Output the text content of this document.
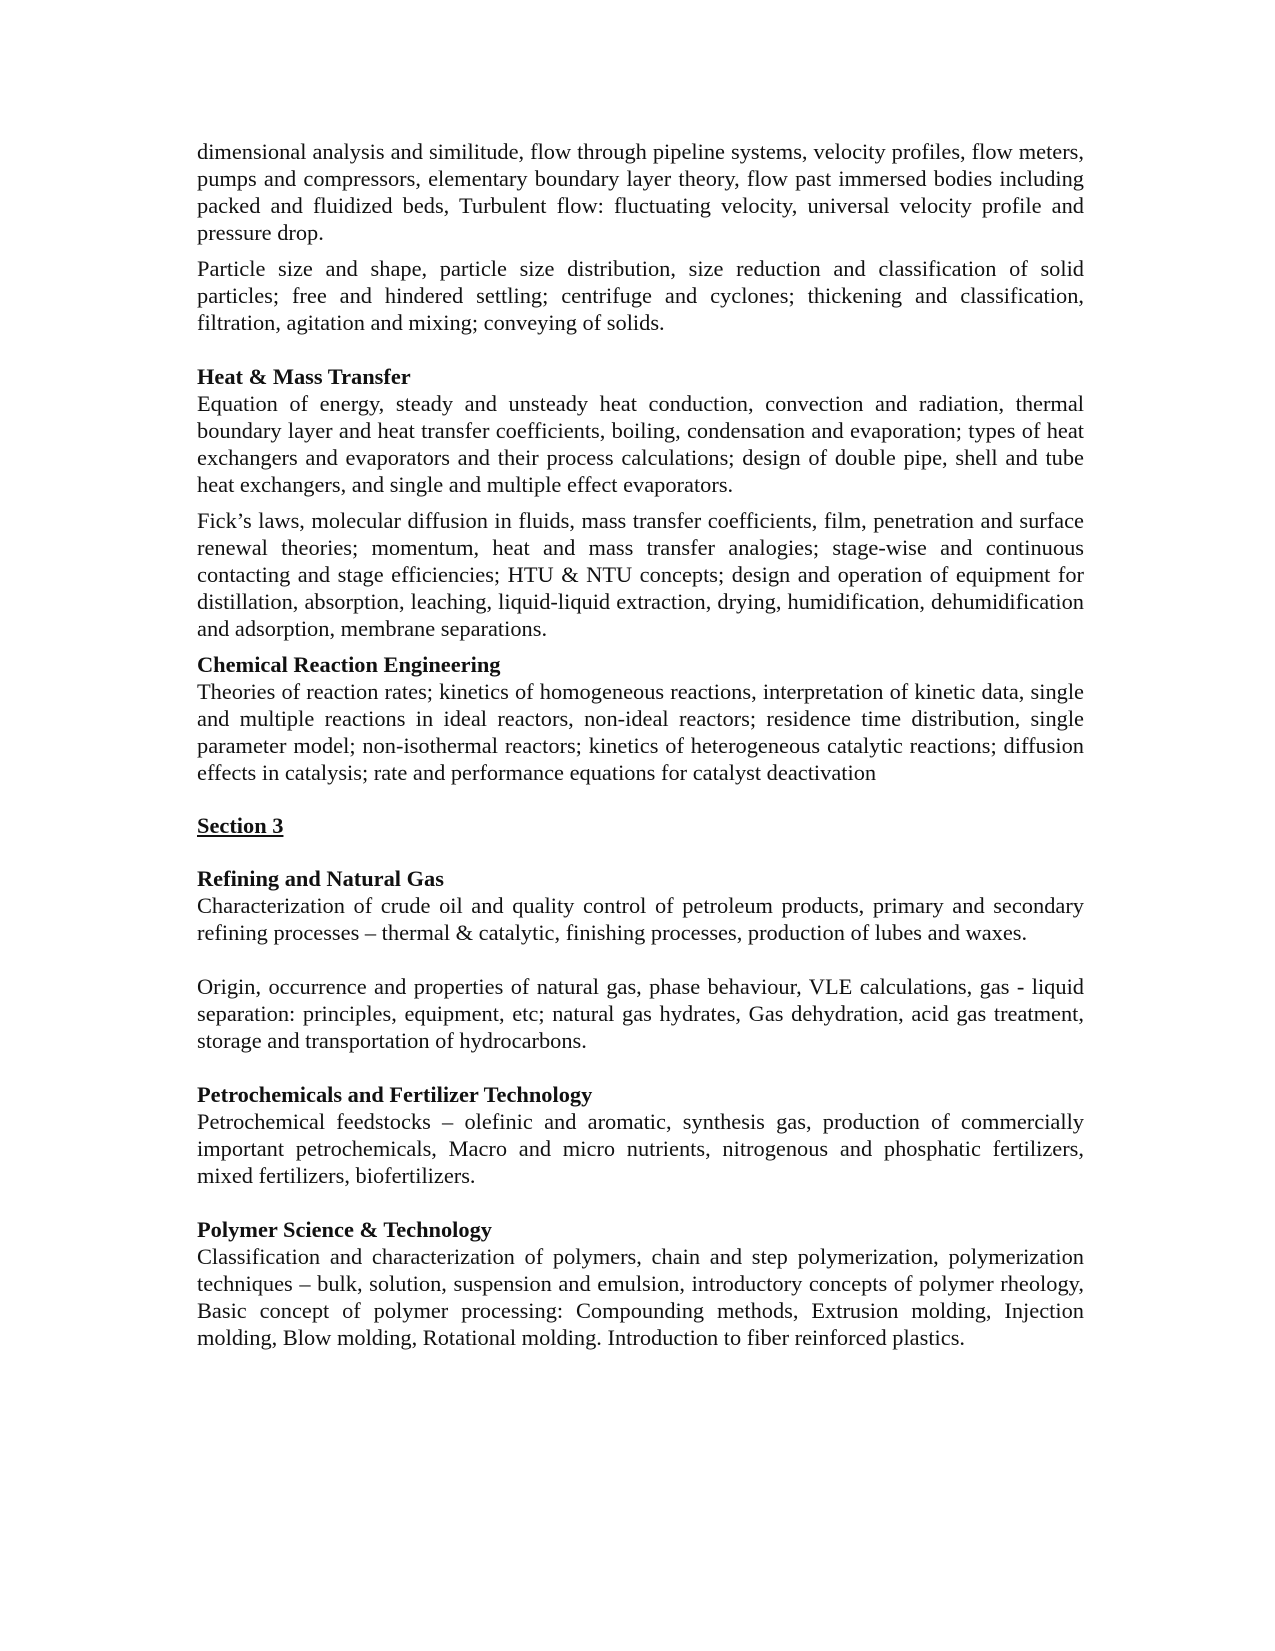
dimensional analysis and similitude, flow through pipeline systems, velocity profiles, flow meters, pumps and compressors, elementary boundary layer theory, flow past immersed bodies including packed and fluidized beds, Turbulent flow: fluctuating velocity, universal velocity profile and pressure drop.

Particle size and shape, particle size distribution, size reduction and classification of solid particles; free and hindered settling; centrifuge and cyclones; thickening and classification, filtration, agitation and mixing; conveying of solids.

Heat & Mass Transfer

Equation of energy, steady and unsteady heat conduction, convection and radiation, thermal boundary layer and heat transfer coefficients, boiling, condensation and evaporation; types of heat exchangers and evaporators and their process calculations; design of double pipe, shell and tube heat exchangers, and single and multiple effect evaporators.

Fick’s laws, molecular diffusion in fluids, mass transfer coefficients, film, penetration and surface renewal theories; momentum, heat and mass transfer analogies; stage-wise and continuous contacting and stage efficiencies; HTU & NTU concepts; design and operation of equipment for distillation, absorption, leaching, liquid-liquid extraction, drying, humidification, dehumidification and adsorption, membrane separations.

Chemical Reaction Engineering

Theories of reaction rates; kinetics of homogeneous reactions, interpretation of kinetic data, single and multiple reactions in ideal reactors, non-ideal reactors; residence time distribution, single parameter model; non-isothermal reactors; kinetics of heterogeneous catalytic reactions; diffusion effects in catalysis; rate and performance equations for catalyst deactivation

Section 3
Refining and Natural Gas

Characterization of crude oil and quality control of petroleum products, primary and secondary refining processes – thermal & catalytic, finishing processes, production of lubes and waxes.

Origin, occurrence and properties of natural gas, phase behaviour, VLE calculations, gas - liquid separation: principles, equipment, etc; natural gas hydrates, Gas dehydration, acid gas treatment, storage and transportation of hydrocarbons.

Petrochemicals and Fertilizer Technology

Petrochemical feedstocks – olefinic and aromatic, synthesis gas, production of commercially important petrochemicals, Macro and micro nutrients, nitrogenous and phosphatic fertilizers, mixed fertilizers, biofertilizers.

Polymer Science & Technology

Classification and characterization of polymers, chain and step polymerization, polymerization techniques – bulk, solution, suspension and emulsion, introductory concepts of polymer rheology, Basic concept of polymer processing: Compounding methods, Extrusion molding, Injection molding, Blow molding, Rotational molding. Introduction to fiber reinforced plastics.
